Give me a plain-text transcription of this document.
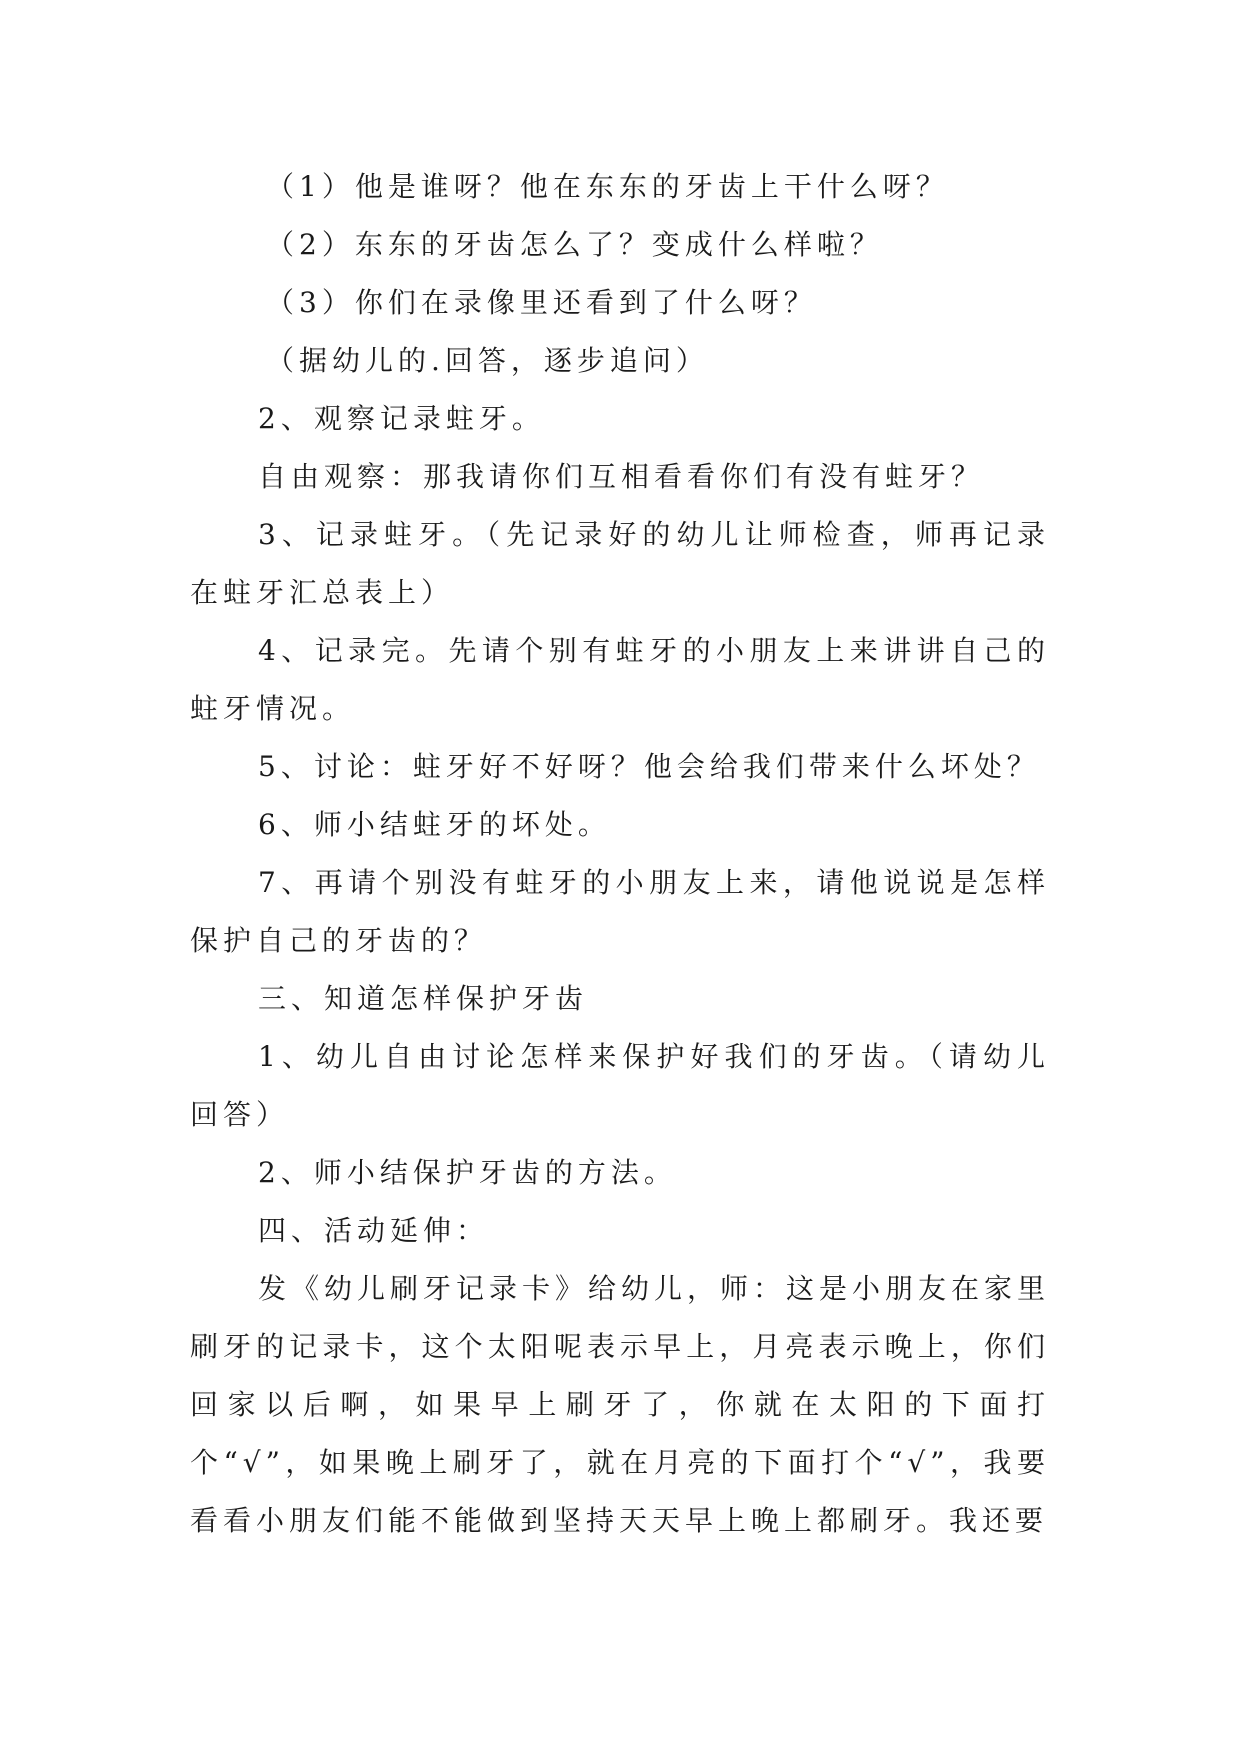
（1）他是谁呀？他在东东的牙齿上干什么呀？

（2）东东的牙齿怎么了？变成什么样啦？

（3）你们在录像里还看到了什么呀？

（据幼儿的.回答，逐步追问）

2、观察记录蛀牙。

自由观察：那我请你们互相看看你们有没有蛀牙？

3、记录蛀牙。（先记录好的幼儿让师检查，师再记录在蛀牙汇总表上）

4、记录完。先请个别有蛀牙的小朋友上来讲讲自己的蛀牙情况。

5、讨论：蛀牙好不好呀？他会给我们带来什么坏处？

6、师小结蛀牙的坏处。

7、再请个别没有蛀牙的小朋友上来，请他说说是怎样保护自己的牙齿的？

三、知道怎样保护牙齿

1、幼儿自由讨论怎样来保护好我们的牙齿。（请幼儿回答）

2、师小结保护牙齿的方法。

四、活动延伸：

发《幼儿刷牙记录卡》给幼儿，师：这是小朋友在家里刷牙的记录卡，这个太阳呢表示早上，月亮表示晚上，你们回家以后啊，如果早上刷牙了，你就在太阳的下面打个“√”，如果晚上刷牙了，就在月亮的下面打个“√”，我要看看小朋友们能不能做到坚持天天早上晚上都刷牙。我还要
